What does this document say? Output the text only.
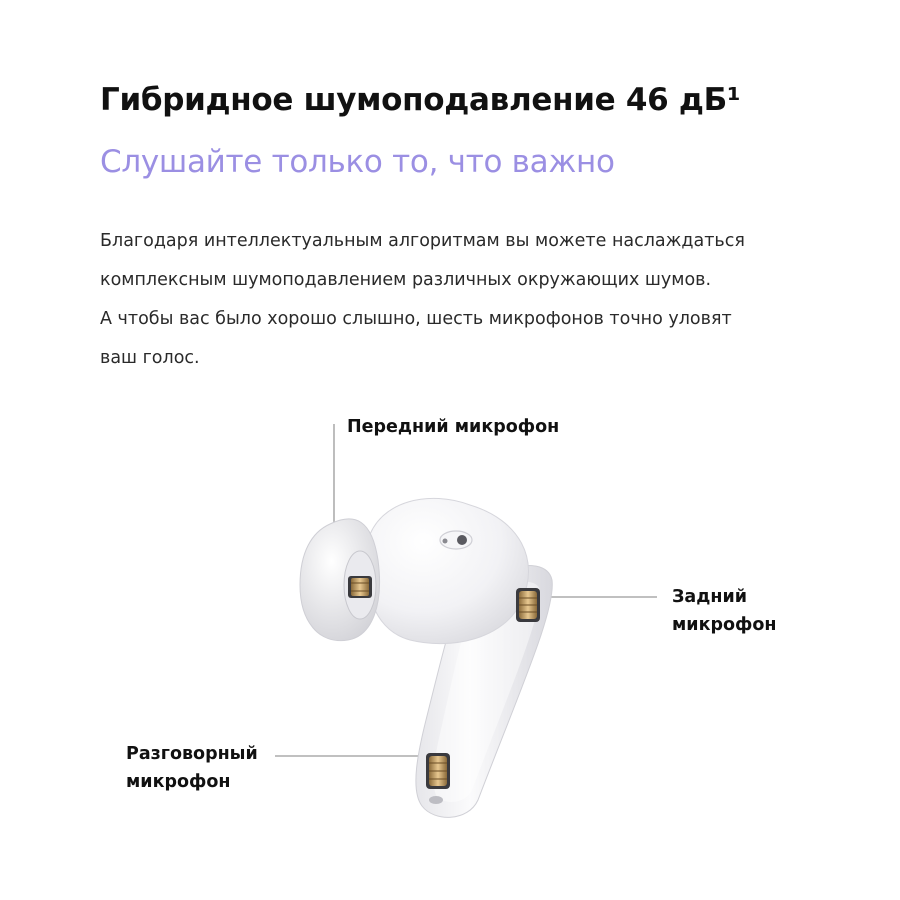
Гибридное шумоподавление 46 дБ¹
Слушайте только то, что важно

Благодаря интеллектуальным алгоритмам вы можете наслаждаться
комплексным шумоподавлением различных окружающих шумов.
А чтобы вас было хорошо слышно, шесть микрофонов точно уловят
ваш голос.

Передний микрофон
Задний
микрофон
Разговорный
микрофон
